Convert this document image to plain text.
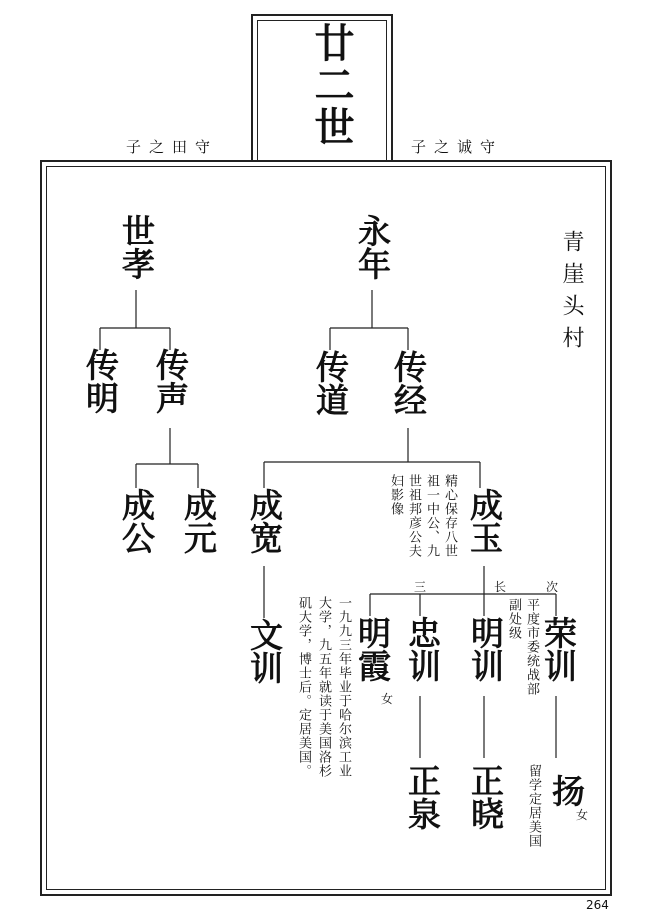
廿二世
子之田守	子之诚守
青崖头村
世孝	永年
传明 传声	传道 传经
成公 成元 成宽	成玉
精心保存八世
祖一中公、九
世祖邦彦公夫
妇影像
三	长	次
文训 明霞
女
忠训 明训 荣训
一九九三年毕业于哈尔滨工业
大学，九五年就读于美国洛杉
矶大学，博士后。定居美国。	平度市委统战部
副处级
正泉 正晓 扬
女
留学定居美国
264
